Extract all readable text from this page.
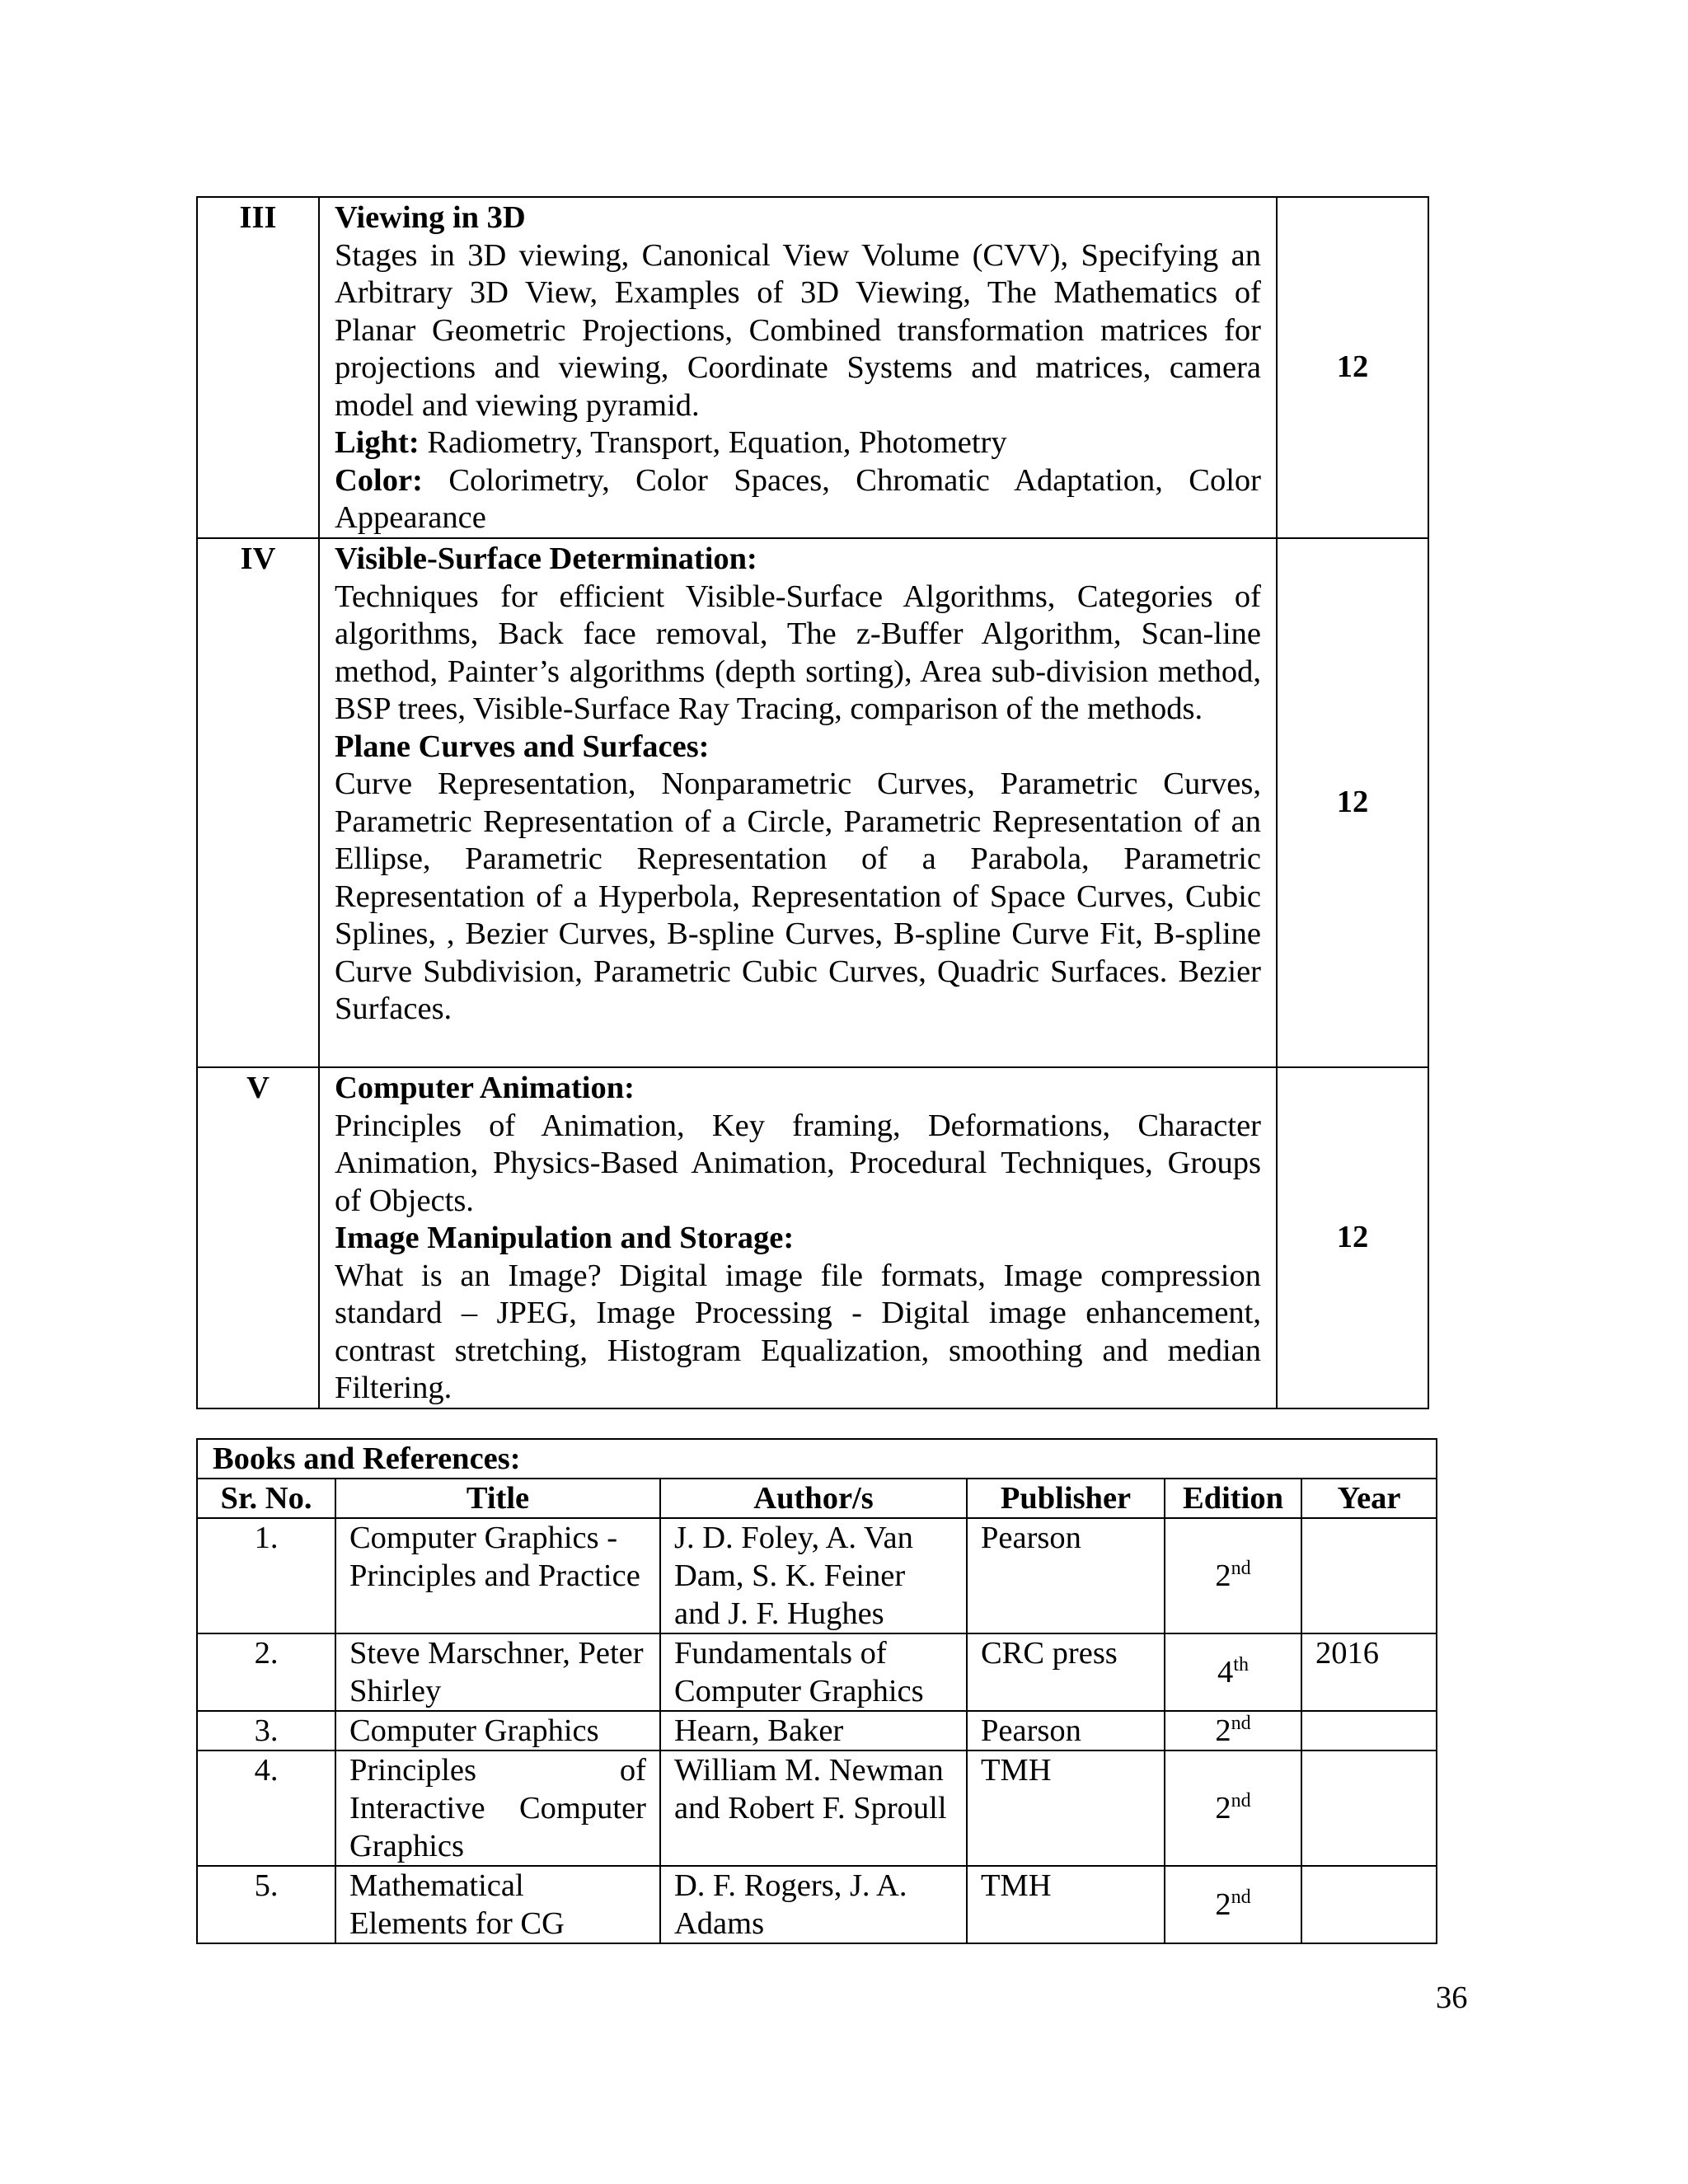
III	Viewing in 3D

Stages in 3D viewing, Canonical View Volume (CVV), Specifying an Arbitrary 3D View, Examples of 3D Viewing, The Mathematics of Planar Geometric Projections, Combined transformation matrices for projections and viewing, Coordinate Systems and matrices, camera model and viewing pyramid.

Light: Radiometry, Transport, Equation, Photometry

Color: Colorimetry, Color Spaces, Chromatic Adaptation, Color Appearance	12
IV	Visible-Surface Determination:

Techniques for efficient Visible-Surface Algorithms, Categories of algorithms, Back face removal, The z-Buffer Algorithm, Scan-line method, Painter’s algorithms (depth sorting), Area sub-division method, BSP trees, Visible-Surface Ray Tracing, comparison of the methods.

Plane Curves and Surfaces:

Curve Representation, Nonparametric Curves, Parametric Curves, Parametric Representation of a Circle, Parametric Representation of an Ellipse, Parametric Representation of a Parabola, Parametric Representation of a Hyperbola, Representation of Space Curves, Cubic Splines, , Bezier Curves, B-spline Curves, B-spline Curve Fit, B-spline Curve Subdivision, Parametric Cubic Curves, Quadric Surfaces. Bezier Surfaces.	12
V	Computer Animation:

Principles of Animation, Key framing, Deformations, Character Animation, Physics-Based Animation, Procedural Techniques, Groups of Objects.

Image Manipulation and Storage:

What is an Image? Digital image file formats, Image compression standard – JPEG, Image Processing - Digital image enhancement, contrast stretching, Histogram Equalization, smoothing and median Filtering.	12
Books and References:					
Sr. No.	Title	Author/s	Publisher	Edition	Year
1.	Computer Graphics - Principles and Practice	J. D. Foley, A. Van Dam, S. K. Feiner and J. F. Hughes	Pearson	2nd	
2.	Steve Marschner, Peter Shirley	Fundamentals of Computer Graphics	CRC press	4th	2016
3.	Computer Graphics	Hearn, Baker	Pearson	2nd	
4.	Principles of Interactive Computer Graphics	William M. Newman and Robert F. Sproull	TMH	2nd	
5.	Mathematical Elements for CG	D. F. Rogers, J. A. Adams	TMH	2nd	
36
